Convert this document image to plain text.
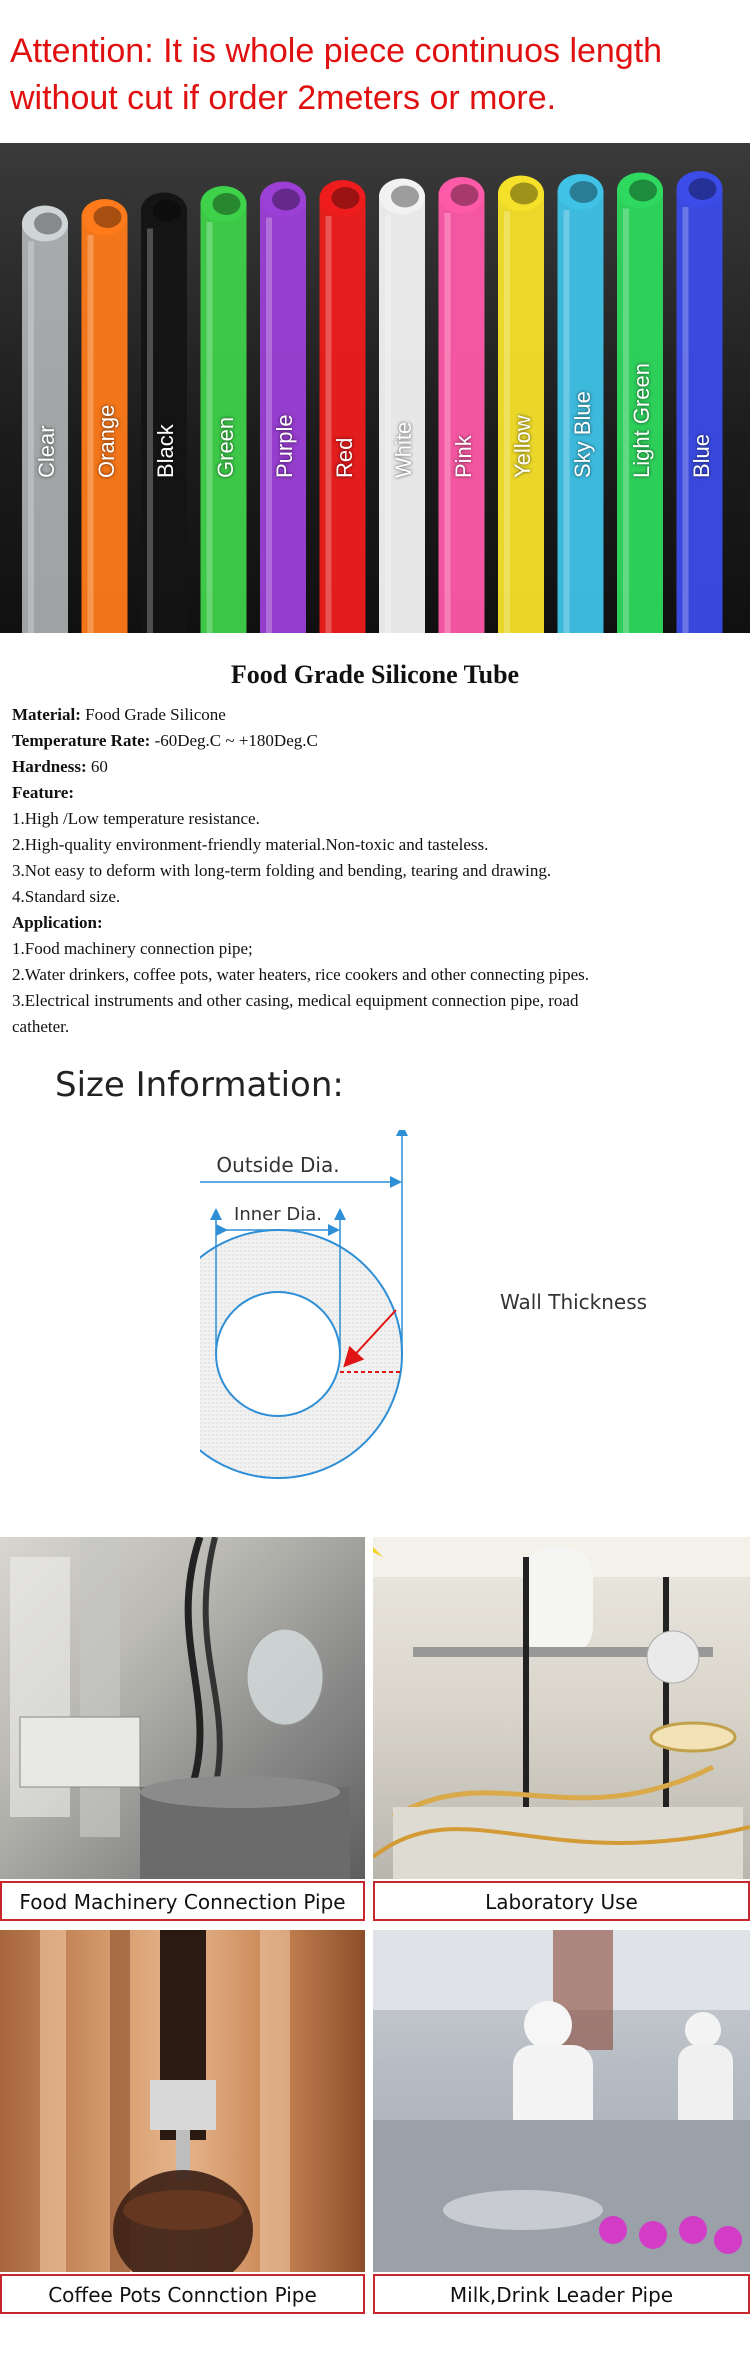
Attention: It is whole piece continuos length
without cut if order 2meters or more.
Clear Orange Black Green Purple Red White Pink Yellow Sky Blue Light Green Blue
Food Grade Silicone Tube
Material: Food Grade Silicone
Temperature Rate: -60Deg.C ~ +180Deg.C
Hardness: 60
Feature:
1.High /Low temperature resistance.
2.High-quality environment-friendly material.Non-toxic and tasteless.
3.Not easy to deform with long-term folding and bending, tearing and drawing.
4.Standard size.
Application:
1.Food machinery connection pipe;
2.Water drinkers, coffee pots, water heaters, rice cookers and other connecting pipes.
3.Electrical instruments and other casing, medical equipment connection pipe, road
catheter.
Size Information:
Outside Dia.
Inner Dia.
Wall Thickness
Food Machinery Connection Pipe	Laboratory Use
Coffee Pots Connction Pipe	Milk,Drink Leader Pipe
